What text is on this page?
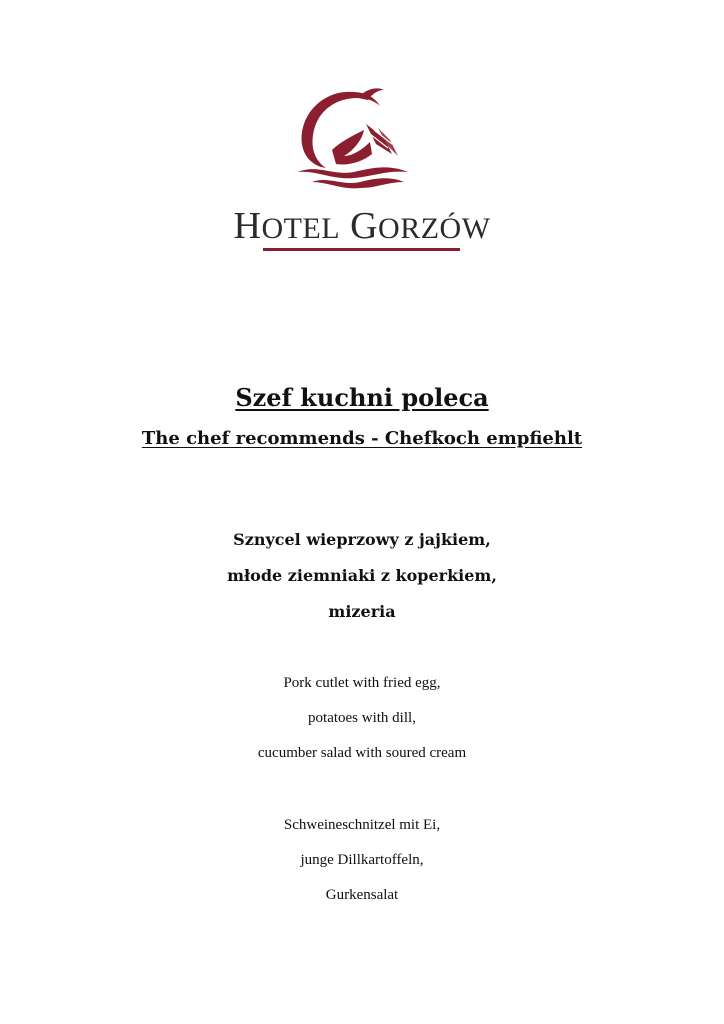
HOTEL GORZÓW
Szef kuchni poleca
The chef recommends - Chefkoch empfiehlt
Sznycel wieprzowy z jajkiem,
młode ziemniaki z koperkiem,
mizeria
Pork cutlet with fried egg,
potatoes with dill,
cucumber salad with soured cream
Schweineschnitzel mit Ei,
junge Dillkartoffeln,
Gurkensalat
